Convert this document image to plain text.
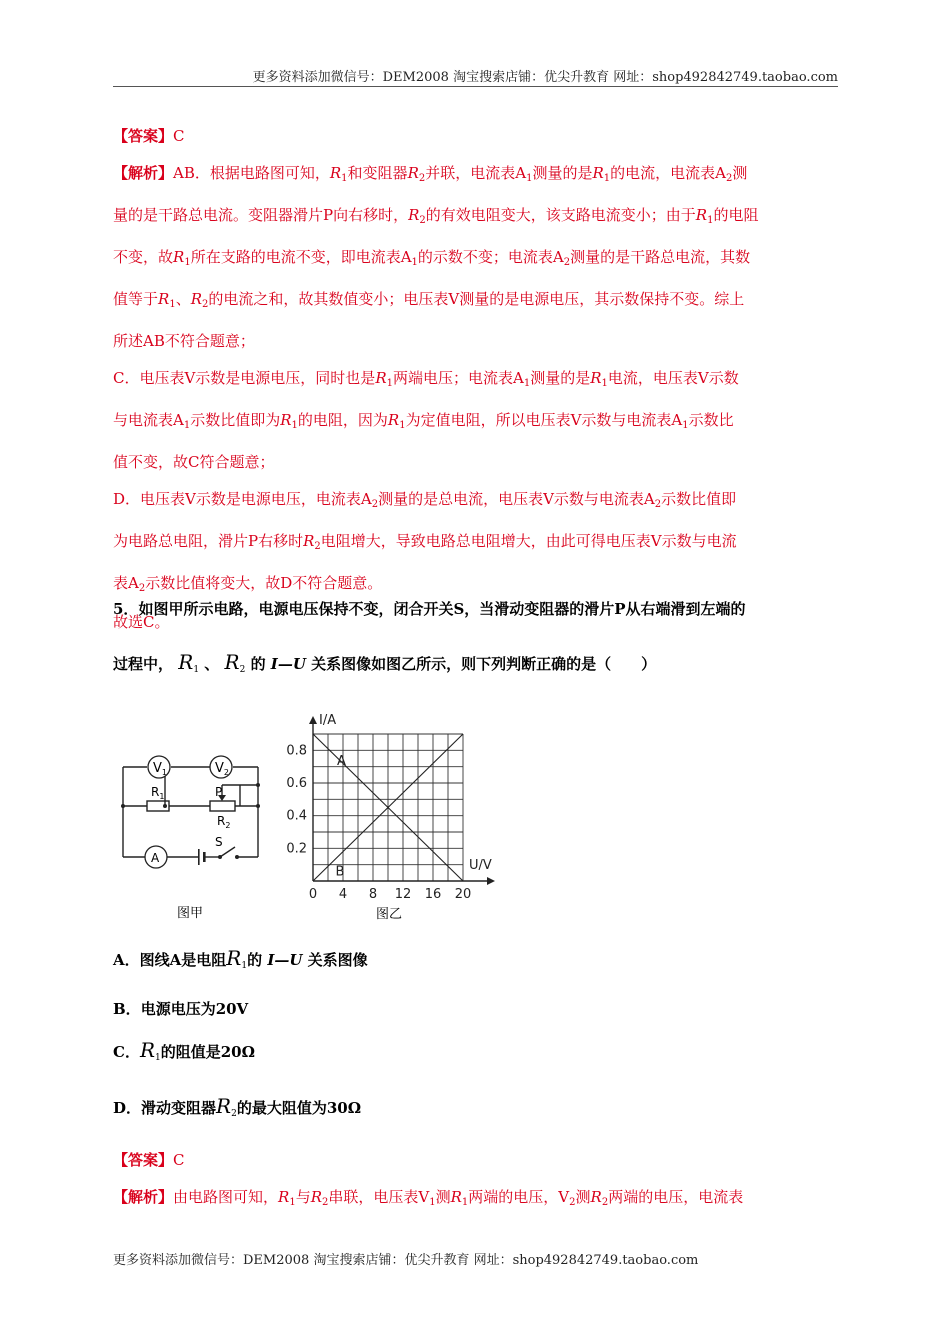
更多资料添加微信号：DEM2008 淘宝搜索店铺：优尖升教育 网址：shop492842749.taobao.com
【答案】C
【解析】AB．根据电路图可知，$R_1$和变阻器$R_2$并联，电流表$A_1$测量的是$R_1$的电流，电流表$A_2$测
量的是干路总电流。变阻器滑片P向右移时，$R_2$的有效电阻变大，该支路电流变小；由于$R_1$的电阻
不变，故$R_1$所在支路的电流不变，即电流表$A_1$的示数不变；电流表$A_2$测量的是干路总电流，其数
值等于$R_1$、$R_2$的电流之和，故其数值变小；电压表V测量的是电源电压，其示数保持不变。综上
所述AB不符合题意；
C．电压表V示数是电源电压，同时也是$R_1$两端电压；电流表$A_1$测量的是$R_1$电流，电压表V示数
与电流表$A_1$示数比值即为$R_1$的电阻，因为$R_1$为定值电阻，所以电压表V示数与电流表$A_1$示数比
值不变，故C符合题意；
D．电压表V示数是电源电压，电流表$A_2$测量的是总电流，电压表V示数与电流表$A_2$示数比值即
为电路总电阻，滑片P右移时$R_2$电阻增大，导致电路总电阻增大，由此可得电压表V示数与电流
表$A_2$示数比值将变大，故D不符合题意。
故选C。
5．如图甲所示电路，电源电压保持不变，闭合开关S，当滑动变阻器的滑片P从右端滑到左端的
过程中， $R_1$ 、 $R_2$ 的 I—U 关系图像如图乙所示，则下列判断正确的是（　　）
$V_1$	$V_2$
$R_1$	P
$R_2$
S
A
图甲
0 4 8 12 16 20
0.2
0.4
0.6
0.8
I/A
U/V
A
B
图乙
A．图线A是电阻$R_1$的 I—U 关系图像
B．电源电压为20V
C．$R_1$的阻值是20Ω
D．滑动变阻器$R_2$的最大阻值为30Ω
【答案】C
【解析】由电路图可知，$R_1$与$R_2$串联，电压表$V_1$测$R_1$两端的电压，$V_2$测$R_2$两端的电压，电流表
更多资料添加微信号：DEM2008 淘宝搜索店铺：优尖升教育 网址：shop492842749.taobao.com
